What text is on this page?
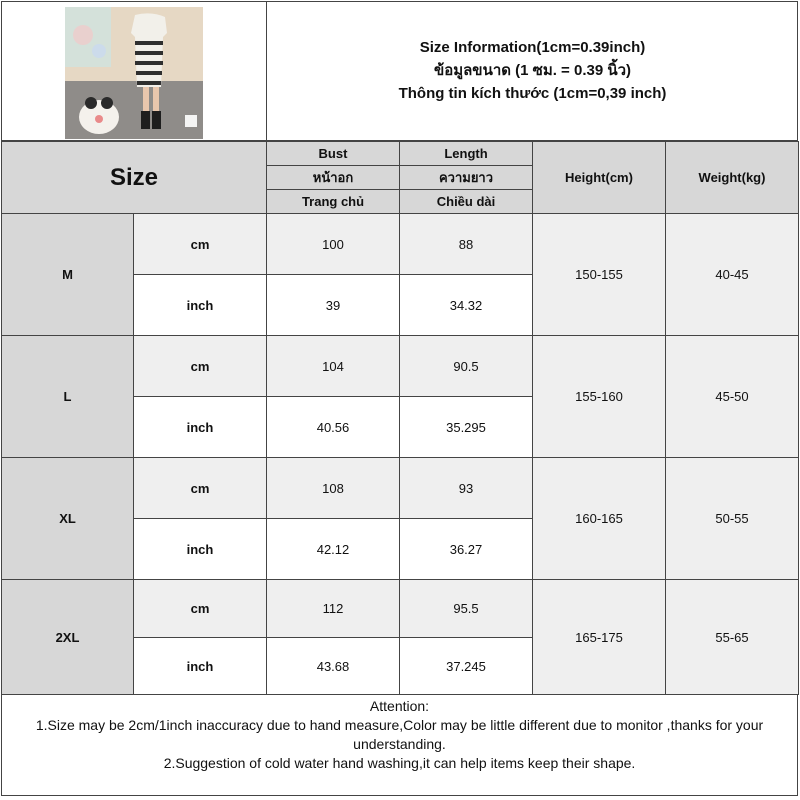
Size Information(1cm=0.39inch)
ข้อมูลขนาด (1 ซม. = 0.39 นิ้ว)
Thông tin kích thước (1cm=0,39 inch)
Size		Bust	Length	Height(cm)	Weight(kg)
		หน้าอก	ความยาว		
		Trang chủ	Chiều dài		
M	cm	100	88	150-155	40-45
	inch	39	34.32		
L	cm	104	90.5	155-160	45-50
	inch	40.56	35.295		
XL	cm	108	93	160-165	50-55
	inch	42.12	36.27		
2XL	cm	112	95.5	165-175	55-65
	inch	43.68	37.245		
Attention:
1.Size may be 2cm/1inch inaccuracy due to hand measure,Color may be little different due to monitor ,thanks for your understanding.
2.Suggestion of cold water hand washing,it can help items keep their shape.
